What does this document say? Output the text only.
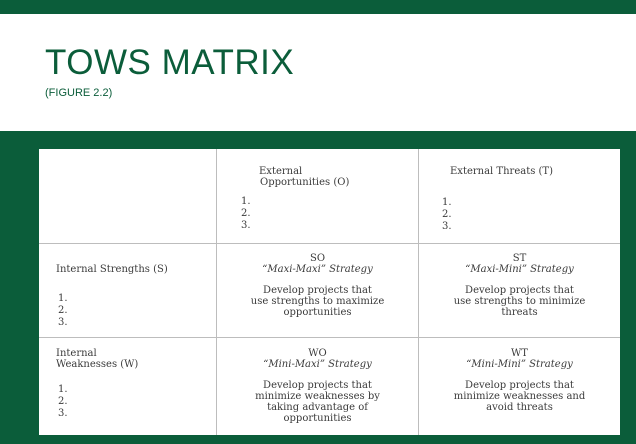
TOWS MATRIX
(FIGURE 2.2)
External
Opportunities (O)
1.
2.
3.
External Threats (T)
1.
2.
3.
Internal Strengths (S)
1.
2.
3.
Internal
Weaknesses (W)
1.
2.
3.
SO
“Maxi-Maxi” Strategy
Develop projects that
use strengths to maximize
opportunities
ST
“Maxi-Mini” Strategy
Develop projects that
use strengths to minimize
threats
WO
“Mini-Maxi” Strategy
Develop projects that
minimize weaknesses by
taking advantage of
opportunities
WT
“Mini-Mini” Strategy
Develop projects that
minimize weaknesses and
avoid threats
